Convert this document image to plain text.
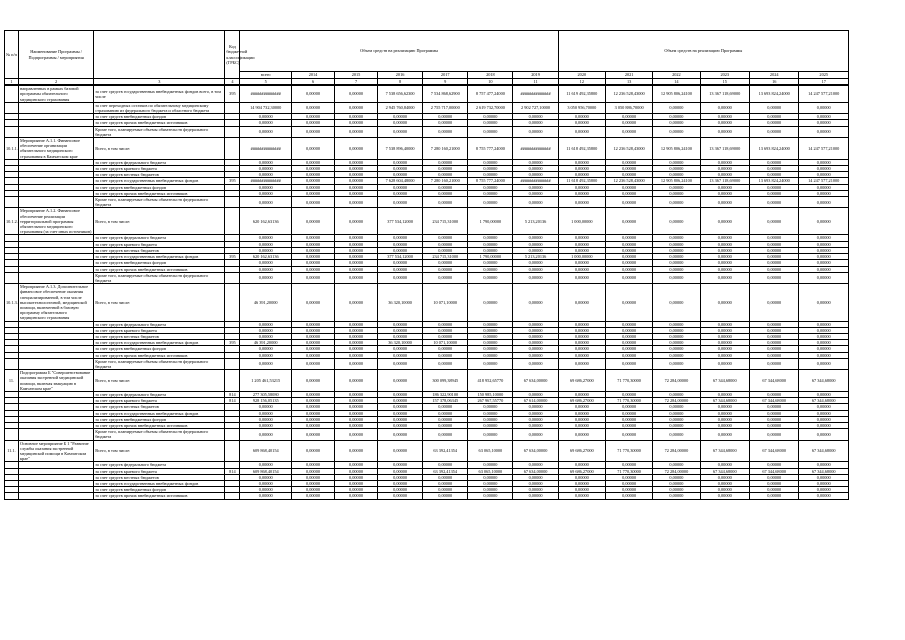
№ п/п	Наименование Программы / Подпрограммы / мероприятия		Код бюджетной классификации (ГРБС)	Объем средств на реализацию Программы							Объем средств на реализацию Программы					
				всего	2014	2015	2016	2017	2018	2019	2020	2021	2022	2023	2024	2025
1	2	3	4	5	6	7	8	9	10	11	12	13	14	15	16	17

	направленных в рамках базовой программы обязательного медицинского страхования	за счет средств государственных внебюджетных фондов всего, в том числе	395	##############	0,00000	0,00000	7 538 656,62300	7 534 868,62900	8 757 477,24000	##############	11 619 492,35800	12 236 528,43000	12 905 806,24100	13 367 118,69000	13 693 824,24000	14 247 577,21000
		за счет переходных остатков по обязательному медицинскому страхованию из федерального бюджета и областного бюджета		14 904 732,30000	0,00000	0,00000	2 945 760,84000	2 755 717,00000	2 619 732,70000	2 902 727,10000	3 050 956,70000	3 050 886,70000	0,00000	0,00000	0,00000	0,00000
		за счет средств внебюджетных фондов		0,00000	0,00000	0,00000	0,00000	0,00000	0,00000	0,00000	0,00000	0,00000	0,00000	0,00000	0,00000	0,00000
		за счет средств прочих внебюджетных источников		0,00000	0,00000	0,00000	0,00000	0,00000	0,00000	0,00000	0,00000	0,00000	0,00000	0,00000	0,00000	0,00000
		Кроме того, планируемые объемы обязательств федерального бюджета		0,00000	0,00000	0,00000	0,00000	0,00000	0,00000	0,00000	0,00000	0,00000	0,00000	0,00000	0,00000	0,00000
10.1.1.	Мероприятие А.1.1. Финансовое обеспечение организации обязательного медицинского страхования в Камчатском крае	Всего, в том числе:		##############	0,00000	0,00000	7 538 896,40000	7 280 160,21000	8 755 777,24000	##############	11 618 492,35800	12 236 528,43000	12 905 806,24100	13 367 118,69000	13 693 824,24000	14 247 577,21000
		за счет средств федерального бюджета		0,00000	0,00000	0,00000	0,00000	0,00000	0,00000	0,00000	0,00000	0,00000	0,00000	0,00000	0,00000	0,00000
		за счет средств краевого бюджета		0,00000	0,00000	0,00000	0,00000	0,00000	0,00000	0,00000	0,00000	0,00000	0,00000	0,00000	0,00000	0,00000
		за счет средств местных бюджетов		0,00000	0,00000	0,00000	0,00000	0,00000	0,00000	0,00000	0,00000	0,00000	0,00000	0,00000	0,00000	0,00000
		за счет средств государственных внебюджетных фондов	395	##############	0,00000	0,00000	7 628 604,48000	7 280 160,21000	8 755 777,24000	##############	11 618 492,35800	12 236 528,43000	12 905 806,24100	13 367 118,69000	13 693 824,24000	14 247 577,21000
		за счет средств внебюджетных фондов		0,00000	0,00000	0,00000	0,00000	0,00000	0,00000	0,00000	0,00000	0,00000	0,00000	0,00000	0,00000	0,00000
		за счет средств прочих внебюджетных источников		0,00000	0,00000	0,00000	0,00000	0,00000	0,00000	0,00000	0,00000	0,00000	0,00000	0,00000	0,00000	0,00000
		Кроме того, планируемые объемы обязательств федерального бюджета		0,00000	0,00000	0,00000	0,00000	0,00000	0,00000	0,00000	0,00000	0,00000	0,00000	0,00000	0,00000	0,00000
10.1.2.	Мероприятие А.1.2. Финансовое обеспечение реализации территориальной программы обязательного медицинского страхования (за счет иных источников)	Всего, в том числе:		620 162,63136	0,00000	0,00000	377 534,12000	234 715,31000	1 790,00000	5 213,20136	1 000,00000	0,00000	0,00000	0,00000	0,00000	0,00000
		за счет средств федерального бюджета		0,00000	0,00000	0,00000	0,00000	0,00000	0,00000	0,00000	0,00000	0,00000	0,00000	0,00000	0,00000	0,00000
		за счет средств краевого бюджета		0,00000	0,00000	0,00000	0,00000	0,00000	0,00000	0,00000	0,00000	0,00000	0,00000	0,00000	0,00000	0,00000
		за счет средств местных бюджетов		0,00000	0,00000	0,00000	0,00000	0,00000	0,00000	0,00000	0,00000	0,00000	0,00000	0,00000	0,00000	0,00000
		за счет средств государственных внебюджетных фондов	395	620 162,63136	0,00000	0,00000	377 534,12000	234 715,31000	1 790,00000	5 213,20136	1 000,00000	0,00000	0,00000	0,00000	0,00000	0,00000
		за счет средств внебюджетных фондов		0,00000	0,00000	0,00000	0,00000	0,00000	0,00000	0,00000	0,00000	0,00000	0,00000	0,00000	0,00000	0,00000
		за счет средств прочих внебюджетных источников		0,00000	0,00000	0,00000	0,00000	0,00000	0,00000	0,00000	0,00000	0,00000	0,00000	0,00000	0,00000	0,00000
		Кроме того, планируемые объемы обязательств федерального бюджета		0,00000	0,00000	0,00000	0,00000	0,00000	0,00000	0,00000	0,00000	0,00000	0,00000	0,00000	0,00000	0,00000
10.1.3.	Мероприятие А.1.3. Дополнительное финансовое обеспечение оказания специализированной, в том числе высокотехнологичной, медицинской помощи, включенной в базовую программу обязательного медицинского страхования	Всего, в том числе:		46 391,20000	0,00000	0,00000	36 320,10000	10 071,10000	0,00000	0,00000	0,00000	0,00000	0,00000	0,00000	0,00000	0,00000
		за счет средств федерального бюджета		0,00000	0,00000	0,00000	0,00000	0,00000	0,00000	0,00000	0,00000	0,00000	0,00000	0,00000	0,00000	0,00000
		за счет средств краевого бюджета		0,00000	0,00000	0,00000	0,00000	0,00000	0,00000	0,00000	0,00000	0,00000	0,00000	0,00000	0,00000	0,00000
		за счет средств местных бюджетов		0,00000	0,00000	0,00000	0,00000	0,00000	0,00000	0,00000	0,00000	0,00000	0,00000	0,00000	0,00000	0,00000
		за счет средств государственных внебюджетных фондов	395	46 391,20000	0,00000	0,00000	36 320,10000	10 071,10000	0,00000	0,00000	0,00000	0,00000	0,00000	0,00000	0,00000	0,00000
		за счет средств внебюджетных фондов		0,00000	0,00000	0,00000	0,00000	0,00000	0,00000	0,00000	0,00000	0,00000	0,00000	0,00000	0,00000	0,00000
		за счет средств прочих внебюджетных источников		0,00000	0,00000	0,00000	0,00000	0,00000	0,00000	0,00000	0,00000	0,00000	0,00000	0,00000	0,00000	0,00000
		Кроме того, планируемые объемы обязательств федерального бюджета		0,00000	0,00000	0,00000	0,00000	0,00000	0,00000	0,00000	0,00000	0,00000	0,00000	0,00000	0,00000	0,00000
11.	Подпрограмма Б "Совершенствование оказания экстренной медицинской помощи, включая эвакуацию в Камчатском крае"	Всего, в том числе:		1 205 461,53215	0,00000	0,00000	0,00000	300 099,38945	418 952,65770	67 634,00000	69 686,27000	71 770,30000	72 284,00000	67 344,68000	67 344,68000	67 344,68000
		за счет средств федерального бюджета	814	277 305,58080	0,00000	0,00000	0,00000	186 322,90100	150 985,10000	0,00000	0,00000	0,00000	0,00000	0,00000	0,00000	0,00000
		за счет средств краевого бюджета	814	928 156,05135	0,00000	0,00000	0,00000	157 378,06345	267 967,55770	67 614,00000	69 686,27000	71 770,30000	72 284,00000	67 344,68000	67 344,68000	67 344,68000
		за счет средств местных бюджетов		0,00000	0,00000	0,00000	0,00000	0,00000	0,00000	0,00000	0,00000	0,00000	0,00000	0,00000	0,00000	0,00000
		за счет средств государственных внебюджетных фондов		0,00000	0,00000	0,00000	0,00000	0,00000	0,00000	0,00000	0,00000	0,00000	0,00000	0,00000	0,00000	0,00000
		за счет средств внебюджетных фондов		0,00000	0,00000	0,00000	0,00000	0,00000	0,00000	0,00000	0,00000	0,00000	0,00000	0,00000	0,00000	0,00000
		за счет средств прочих внебюджетных источников		0,00000	0,00000	0,00000	0,00000	0,00000	0,00000	0,00000	0,00000	0,00000	0,00000	0,00000	0,00000	0,00000
		Кроме того, планируемые объемы обязательств федерального бюджета		0,00000	0,00000	0,00000	0,00000	0,00000	0,00000	0,00000	0,00000	0,00000	0,00000	0,00000	0,00000	0,00000
11.1.	Основное мероприятие Б 1 "Развитие службы оказания экстренной медицинской помощи в Камчатском крае"	Всего, в том числе:		609 868,40154	0,00000	0,00000	0,00000	63 392,41354	63 065,10000	67 634,00000	69 686,27000	71 770,30000	72 284,00000	67 344,68000	67 344,68000	67 344,68000
		за счет средств федерального бюджета		0,00000	0,00000	0,00000	0,00000	0,00000	0,00000	0,00000	0,00000	0,00000	0,00000	0,00000	0,00000	0,00000
		за счет средств краевого бюджета	814	609 868,40154	0,00000	0,00000	0,00000	63 392,41354	63 065,10000	67 634,00000	69 686,27000	71 770,30000	72 284,00000	67 344,68000	67 344,68000	67 344,68000
		за счет средств местных бюджетов		0,00000	0,00000	0,00000	0,00000	0,00000	0,00000	0,00000	0,00000	0,00000	0,00000	0,00000	0,00000	0,00000
		за счет средств государственных внебюджетных фондов		0,00000	0,00000	0,00000	0,00000	0,00000	0,00000	0,00000	0,00000	0,00000	0,00000	0,00000	0,00000	0,00000
		за счет средств внебюджетных фондов		0,00000	0,00000	0,00000	0,00000	0,00000	0,00000	0,00000	0,00000	0,00000	0,00000	0,00000	0,00000	0,00000
		за счет средств прочих внебюджетных источников		0,00000	0,00000	0,00000	0,00000	0,00000	0,00000	0,00000	0,00000	0,00000	0,00000	0,00000	0,00000	0,00000
